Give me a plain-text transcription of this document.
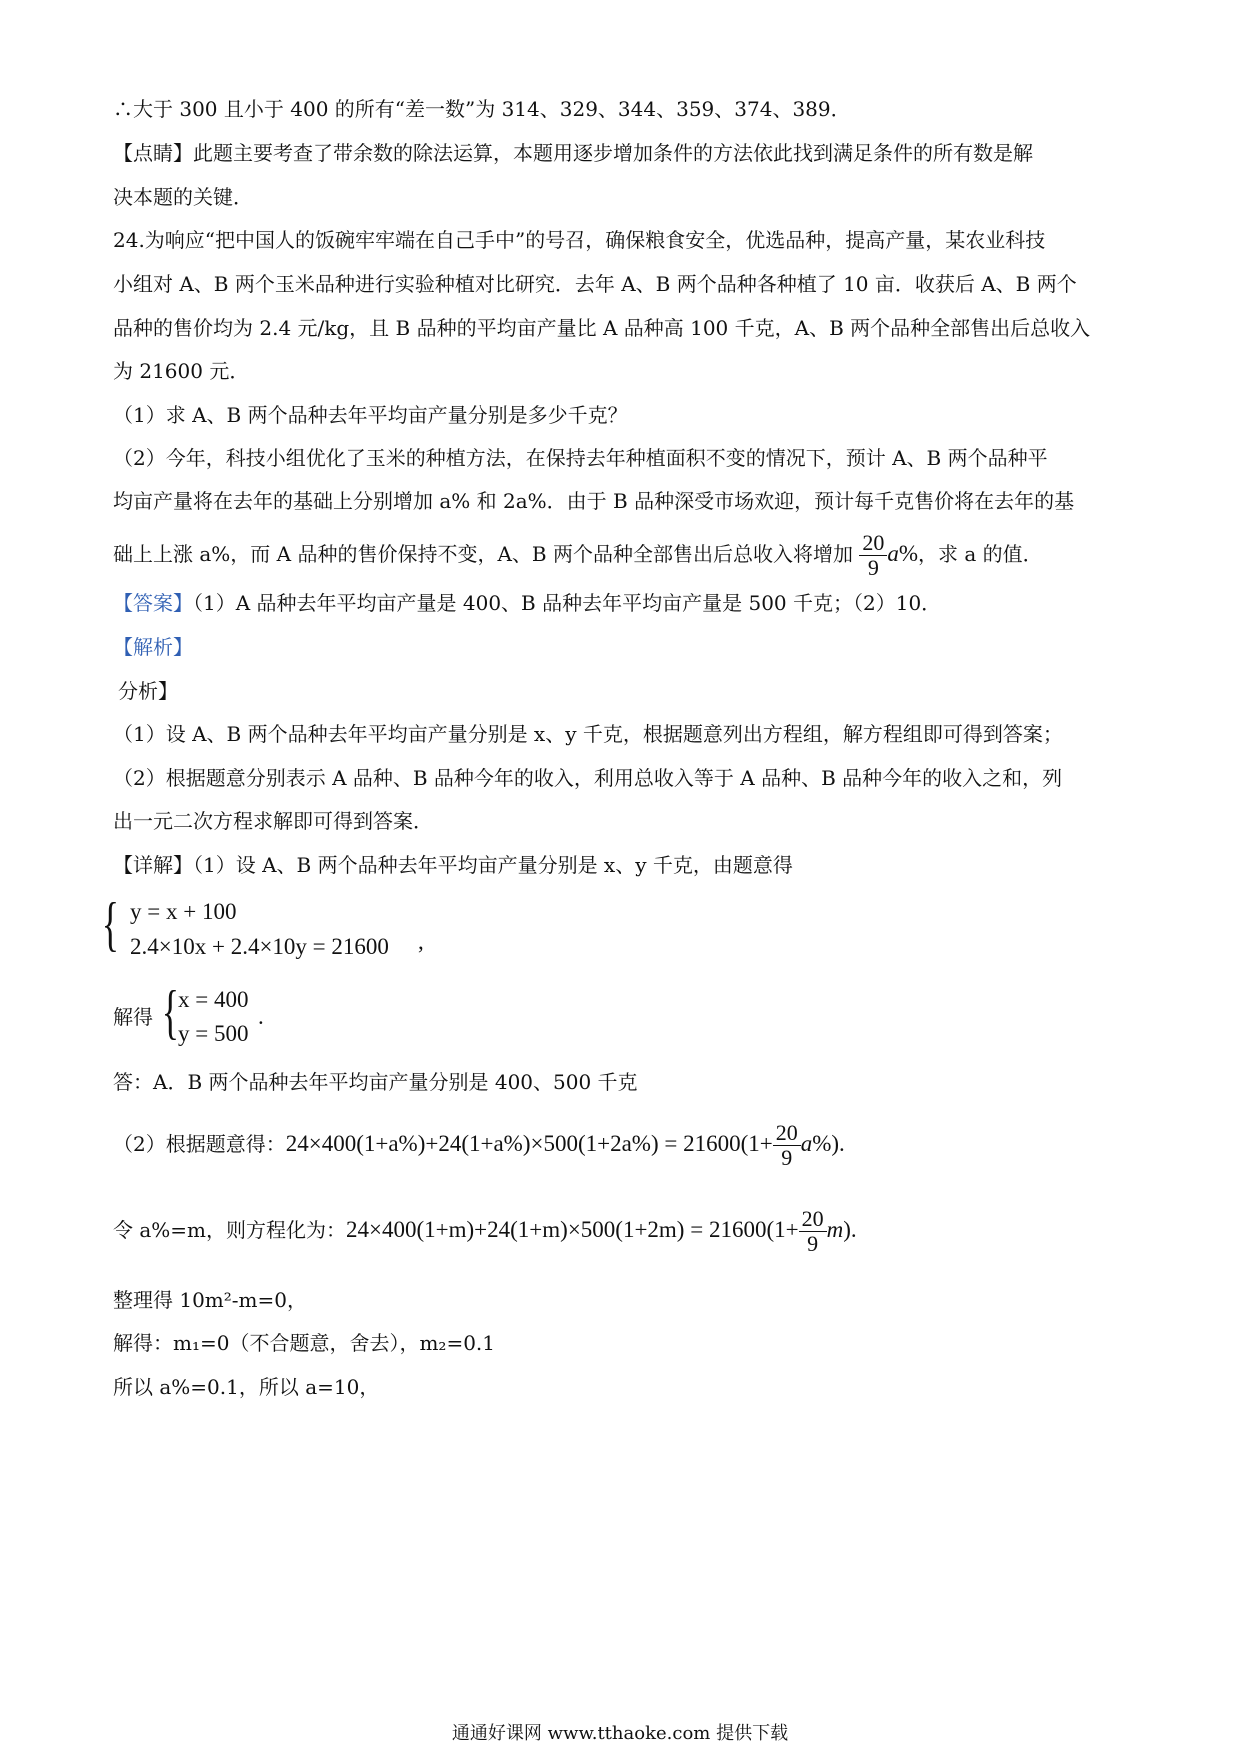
∴大于 300 且小于 400 的所有“差一数”为 314、329、344、359、374、389．
【点睛】此题主要考查了带余数的除法运算，本题用逐步增加条件的方法依此找到满足条件的所有数是解
决本题的关键．
24.为响应“把中国人的饭碗牢牢端在自己手中”的号召，确保粮食安全，优选品种，提高产量，某农业科技
小组对 A、B 两个玉米品种进行实验种植对比研究．去年 A、B 两个品种各种植了 10 亩．收获后 A、B 两个
品种的售价均为 2.4 元/kg，且 B 品种的平均亩产量比 A 品种高 100 千克，A、B 两个品种全部售出后总收入
为 21600 元．
（1）求 A、B 两个品种去年平均亩产量分别是多少千克？
（2）今年，科技小组优化了玉米的种植方法，在保持去年种植面积不变的情况下，预计 A、B 两个品种平
均亩产量将在去年的基础上分别增加 a% 和 2a%．由于 B 品种深受市场欢迎，预计每千克售价将在去年的基
础上上涨 a%，而 A 品种的售价保持不变，A、B 两个品种全部售出后总收入将增加 $\frac{20}{9} a\%$，求 a 的值．
【答案】（1）A 品种去年平均亩产量是 400、B 品种去年平均亩产量是 500 千克；（2）10．
【解析】
分析】
（1）设 A、B 两个品种去年平均亩产量分别是 x、y 千克，根据题意列出方程组，解方程组即可得到答案；
（2）根据题意分别表示 A 品种、B 品种今年的收入，利用总收入等于 A 品种、B 品种今年的收入之和，列
出一元二次方程求解即可得到答案．
【详解】（1）设 A、B 两个品种去年平均亩产量分别是 x、y 千克，由题意得
{ y = x + 100
2.4×10x + 2.4×10y = 21600 ,
解得 {
x = 400
y = 500
.
答：A．B 两个品种去年平均亩产量分别是 400、500 千克
（2）根据题意得：$24\times 400(1+a\%)+24(1+a\%)\times 500(1+2a\%) = 21600(1+ \frac{20}{9} a\%)$.
令 a%=m，则方程化为：$24\times 400(1+m)+24(1+m)\times 500(1+2m) = 21600(1+ \frac{20}{9} m)$.
整理得 10m²-m=0，
解得：m₁=0（不合题意，舍去），m₂=0.1
所以 a%=0.1，所以 a=10，
通通好课网 www.tthaoke.com 提供下载
